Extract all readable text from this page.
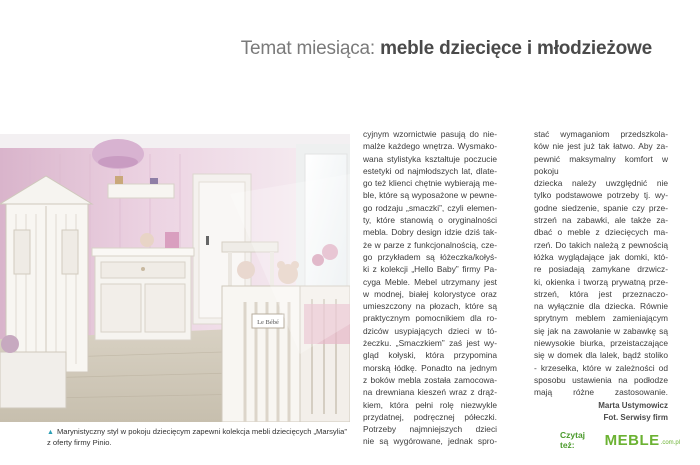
Temat miesiąca: meble dziecięce i młodzieżowe
Le Bébé
▲ Marynistyczny styl w pokoju dziecięcym zapewni kolekcja mebli dziecięcych „Marsylia” z oferty firmy Pinio.

cyjnym wzornictwie pasują do nie-

malże każdego wnętrza. Wysmako-

wana stylistyka kształtuje poczucie

estetyki od najmłodszych lat, dlate-

go też klienci chętnie wybierają me-

ble, które są wyposażone w pewne-

go rodzaju „smaczki”, czyli elemen-

ty, które stanowią o oryginalności

mebla. Dobry design idzie dziś tak-

że w parze z funkcjonalnością, cze-

go przykładem są łóżeczka/kołyś-

ki z kolekcji „Hello Baby” firmy Pa-

cyga Meble. Mebel utrzymany jest

w modnej, białej kolorystyce oraz

umieszczony na płozach, które są

praktycznym pomocnikiem dla ro-

dziców usypiających dzieci w tó-

żeczku. „Smaczkiem” zaś jest wy-

gląd kołyski, która przypomina

morską łódkę. Ponadto na jednym

z boków mebla została zamocowa-

na drewniana kieszeń wraz z drąż-

kiem, która pełni rolę niezwykle

przydatnej, podręcznej półeczki.

Potrzeby najmniejszych dzieci

nie są wygórowane, jednak spro-

stać wymaganiom przedszkola-

ków nie jest już tak łatwo. Aby za-

pewnić maksymalny komfort w pokoju

dziecka należy uwzględnić nie

tylko podstawowe potrzeby tj. wy-

godne siedzenie, spanie czy prze-

strzeń na zabawki, ale także za-

dbać o meble z dziecięcych ma-

rzeń. Do takich należą z pewnością

łóżka wyglądające jak domki, któ-

re posiadają zamykane drzwicz-

ki, okienka i tworzą prywatną prze-

strzeń, która jest przeznaczo-

na wyłącznie dla dziecka. Równie

sprytnym meblem zamieniającym

się jak na zawołanie w zabawkę są

niewysokie biurka, przeistaczające

się w domek dla lalek, bądź stoliko

- krzesełka, które w zależności od

sposobu ustawienia na podłodze

mają różne zastosowanie.

Marta Ustymowicz
Fot. Serwisy firm
Czytaj też:	MEBLE .com.pl
